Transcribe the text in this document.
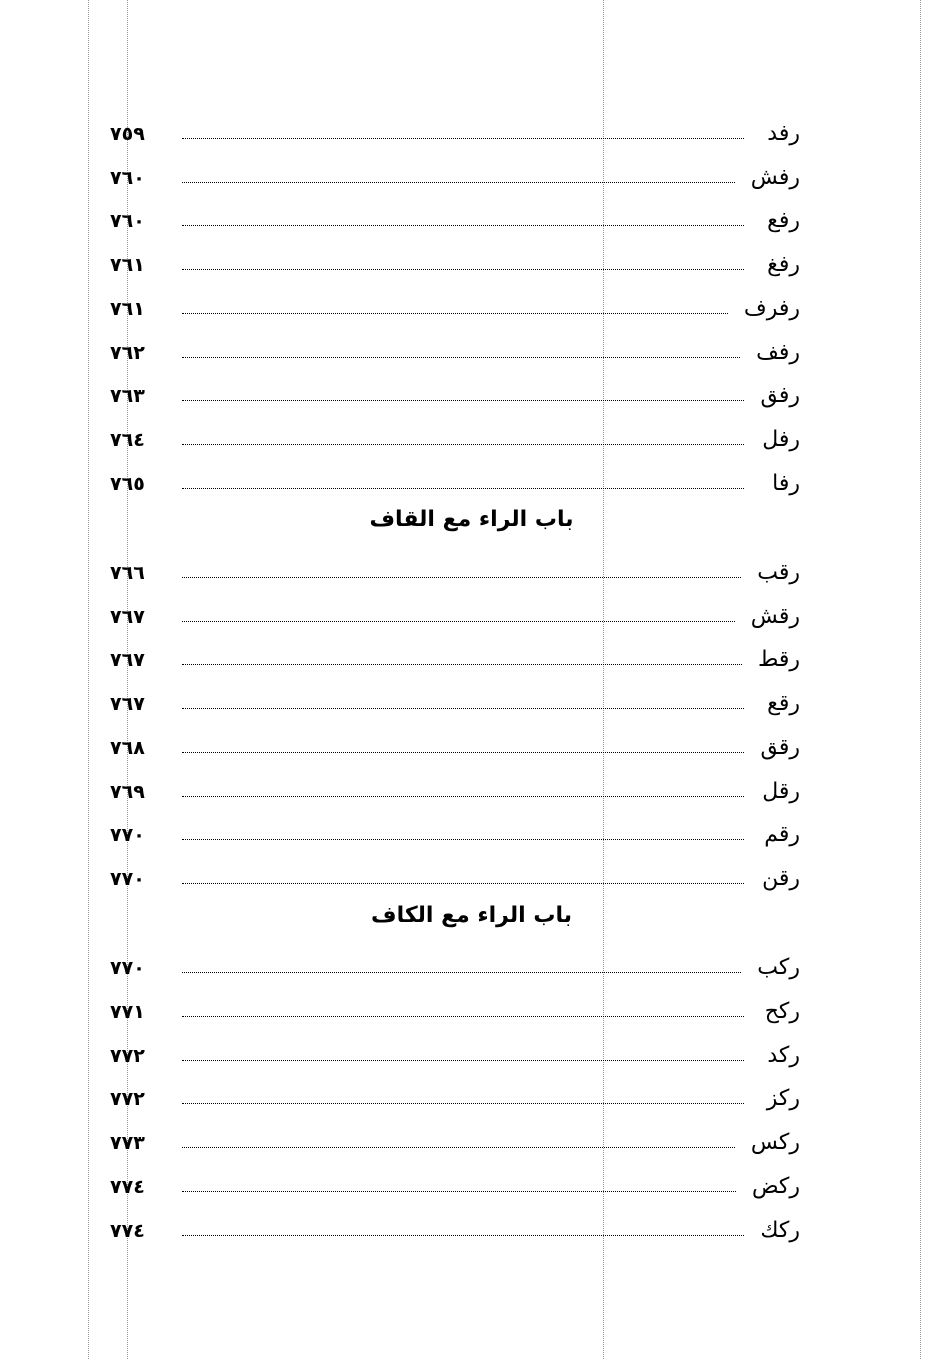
رفد
٧٥٩
رفش
٧٦٠
رفع
٧٦٠
رفغ
٧٦١
رفرف
٧٦١
رفف
٧٦٢
رفق
٧٦٣
رفل
٧٦٤
رفا
٧٦٥
باب الراء مع القاف
رقب
٧٦٦
رقش
٧٦٧
رقط
٧٦٧
رقع
٧٦٧
رقق
٧٦٨
رقل
٧٦٩
رقم
٧٧٠
رقن
٧٧٠
باب الراء مع الكاف
ركب
٧٧٠
ركح
٧٧١
ركد
٧٧٢
ركز
٧٧٢
ركس
٧٧٣
ركض
٧٧٤
ركك
٧٧٤
